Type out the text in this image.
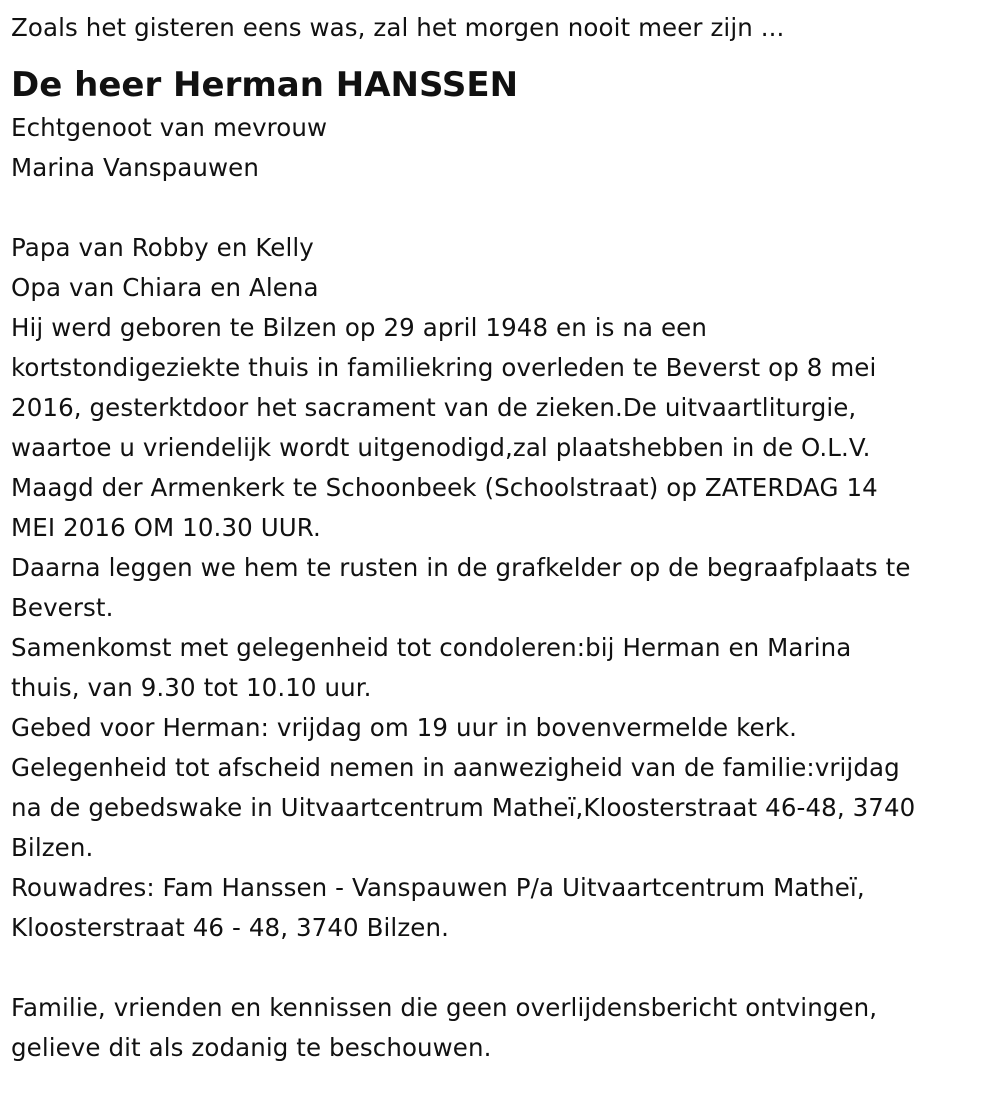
Zoals het gisteren eens was, zal het morgen nooit meer zijn ...
De heer Herman HANSSEN
Echtgenoot van mevrouw
Marina Vanspauwen
Papa van Robby en Kelly
Opa van Chiara en Alena
Hij werd geboren te Bilzen op 29 april 1948 en is na een
kortstondigeziekte thuis in familiekring overleden te Beverst op 8 mei
2016, gesterktdoor het sacrament van de zieken.De uitvaartliturgie,
waartoe u vriendelijk wordt uitgenodigd,zal plaatshebben in de O.L.V.
Maagd der Armenkerk te Schoonbeek (Schoolstraat) op ZATERDAG 14
MEI 2016 OM 10.30 UUR.
Daarna leggen we hem te rusten in de grafkelder op de begraafplaats te
Beverst.
Samenkomst met gelegenheid tot condoleren:bij Herman en Marina
thuis, van 9.30 tot 10.10 uur.
Gebed voor Herman: vrijdag om 19 uur in bovenvermelde kerk.
Gelegenheid tot afscheid nemen in aanwezigheid van de familie:vrijdag
na de gebedswake in Uitvaartcentrum Matheï,Kloosterstraat 46-48, 3740
Bilzen.
Rouwadres: Fam Hanssen - Vanspauwen P/a Uitvaartcentrum Matheï,
Kloosterstraat 46 - 48, 3740 Bilzen.
Familie, vrienden en kennissen die geen overlijdensbericht ontvingen,
gelieve dit als zodanig te beschouwen.
